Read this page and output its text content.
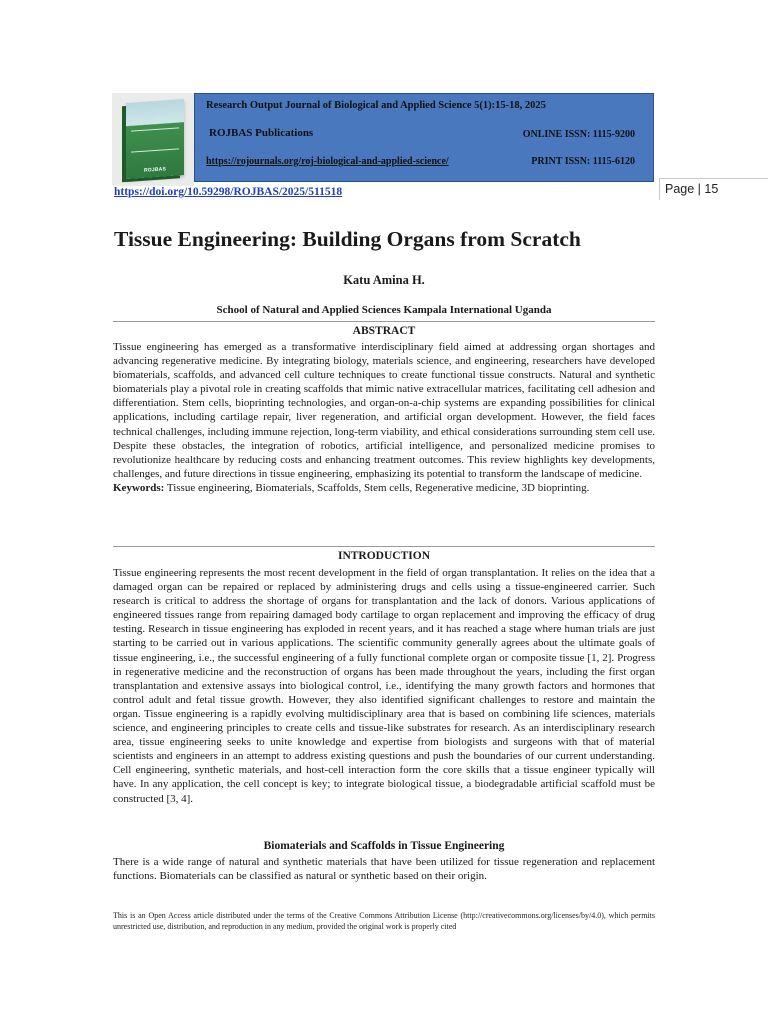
ROJBAS
Research Output Journal of Biological and Applied Science 5(1):15-18, 2025
ROJBAS Publications	ONLINE ISSN: 1115-9200
https://rojournals.org/roj-biological-and-applied-science/	PRINT ISSN: 1115-6120
https://doi.org/10.59298/ROJBAS/2025/511518	Page | 15
Tissue Engineering: Building Organs from Scratch
Katu Amina H.
School of Natural and Applied Sciences Kampala International Uganda
ABSTRACT
Tissue engineering has emerged as a transformative interdisciplinary field aimed at addressing organ shortages and advancing regenerative medicine. By integrating biology, materials science, and engineering, researchers have developed biomaterials, scaffolds, and advanced cell culture techniques to create functional tissue constructs. Natural and synthetic biomaterials play a pivotal role in creating scaffolds that mimic native extracellular matrices, facilitating cell adhesion and differentiation. Stem cells, bioprinting technologies, and organ-on-a-chip systems are expanding possibilities for clinical applications, including cartilage repair, liver regeneration, and artificial organ development. However, the field faces technical challenges, including immune rejection, long-term viability, and ethical considerations surrounding stem cell use. Despite these obstacles, the integration of robotics, artificial intelligence, and personalized medicine promises to revolutionize healthcare by reducing costs and enhancing treatment outcomes. This review highlights key developments, challenges, and future directions in tissue engineering, emphasizing its potential to transform the landscape of medicine.
Keywords: Tissue engineering, Biomaterials, Scaffolds, Stem cells, Regenerative medicine, 3D bioprinting.
INTRODUCTION
Tissue engineering represents the most recent development in the field of organ transplantation. It relies on the idea that a damaged organ can be repaired or replaced by administering drugs and cells using a tissue-engineered carrier. Such research is critical to address the shortage of organs for transplantation and the lack of donors. Various applications of engineered tissues range from repairing damaged body cartilage to organ replacement and improving the efficacy of drug testing. Research in tissue engineering has exploded in recent years, and it has reached a stage where human trials are just starting to be carried out in various applications. The scientific community generally agrees about the ultimate goals of tissue engineering, i.e., the successful engineering of a fully functional complete organ or composite tissue [1, 2]. Progress in regenerative medicine and the reconstruction of organs has been made throughout the years, including the first organ transplantation and extensive assays into biological control, i.e., identifying the many growth factors and hormones that control adult and fetal tissue growth. However, they also identified significant challenges to restore and maintain the organ. Tissue engineering is a rapidly evolving multidisciplinary area that is based on combining life sciences, materials science, and engineering principles to create cells and tissue-like substrates for research. As an interdisciplinary research area, tissue engineering seeks to unite knowledge and expertise from biologists and surgeons with that of material scientists and engineers in an attempt to address existing questions and push the boundaries of our current understanding. Cell engineering, synthetic materials, and host-cell interaction form the core skills that a tissue engineer typically will have. In any application, the cell concept is key; to integrate biological tissue, a biodegradable artificial scaffold must be constructed [3, 4].
Biomaterials and Scaffolds in Tissue Engineering
There is a wide range of natural and synthetic materials that have been utilized for tissue regeneration and replacement functions. Biomaterials can be classified as natural or synthetic based on their origin.
This is an Open Access article distributed under the terms of the Creative Commons Attribution License (http://creativecommons.org/licenses/by/4.0), which permits unrestricted use, distribution, and reproduction in any medium, provided the original work is properly cited
